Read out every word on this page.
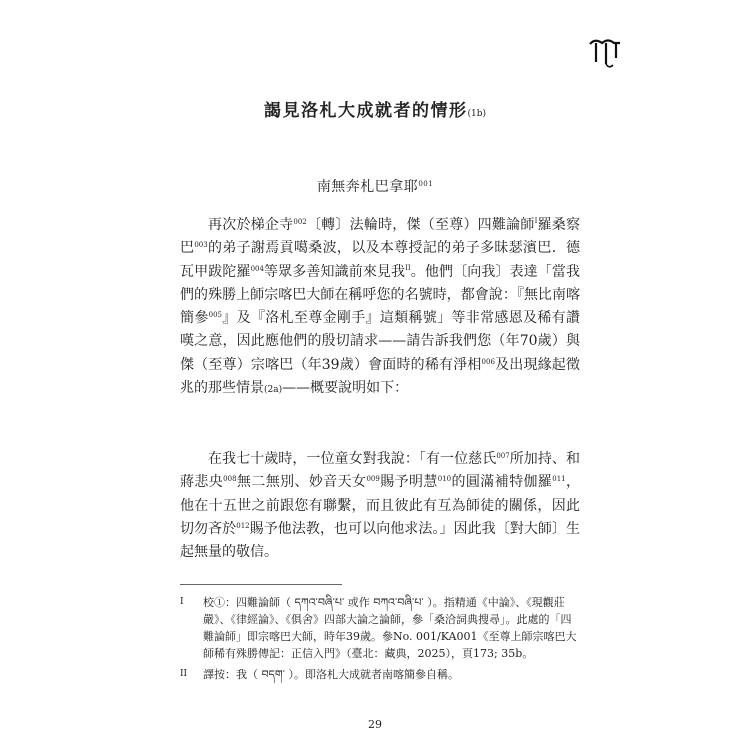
謁見洛札大成就者的情形(1b)
南無奔札巴拿耶$^{001}$

再次於梯企寺$^{002}$〔轉〕法輪時，傑（至尊）四難論師$^I$羅桑察巴$^{003}$的弟子謝焉貢噶桑波，以及本尊授記的弟子多昧瑟濱巴．德瓦甲跋陀羅$^{004}$等眾多善知識前來見我$^{II}$。他們〔向我〕表達「當我們的殊勝上師宗喀巴大師在稱呼您的名號時，都會說：『無比南喀簡參$^{005}$』及『洛札至尊金剛手』這類稱號」等非常感恩及稀有讚嘆之意，因此應他們的殷切請求——請告訴我們您（年70歲）與傑（至尊）宗喀巴（年39歲）會面時的稀有淨相$^{006}$及出現緣起徵兆的那些情景(2a)——概要說明如下：

在我七十歲時，一位童女對我說：「有一位慈氏$^{007}$所加持、和蔣悲央$^{008}$無二無別、妙音天女$^{009}$賜予明慧$^{010}$的圓滿補特伽羅$^{011}$，他在十五世之前跟您有聯繫，而且彼此有互為師徒的關係，因此切勿吝於$^{012}$賜予他法教，也可以向他求法。」因此我〔對大師〕生起無量的敬信。

I 校①：四難論師（ དཀའ་བཞི་པ་ 或作 བཀའ་བཞི་པ་ ）。指精通《中論》、《現觀莊嚴》、《律經論》、《俱舍》四部大論之論師，參「桑洽詞典搜尋」。此處的「四難論師」即宗喀巴大師，時年39歲。參No. 001/KA001《至尊上師宗喀巴大師稀有殊勝傳記：正信入門》（臺北：藏典，2025），頁173; 35b。
II 譯按：我（ བདག་ ）。即洛札大成就者南喀簡參自稱。
29
